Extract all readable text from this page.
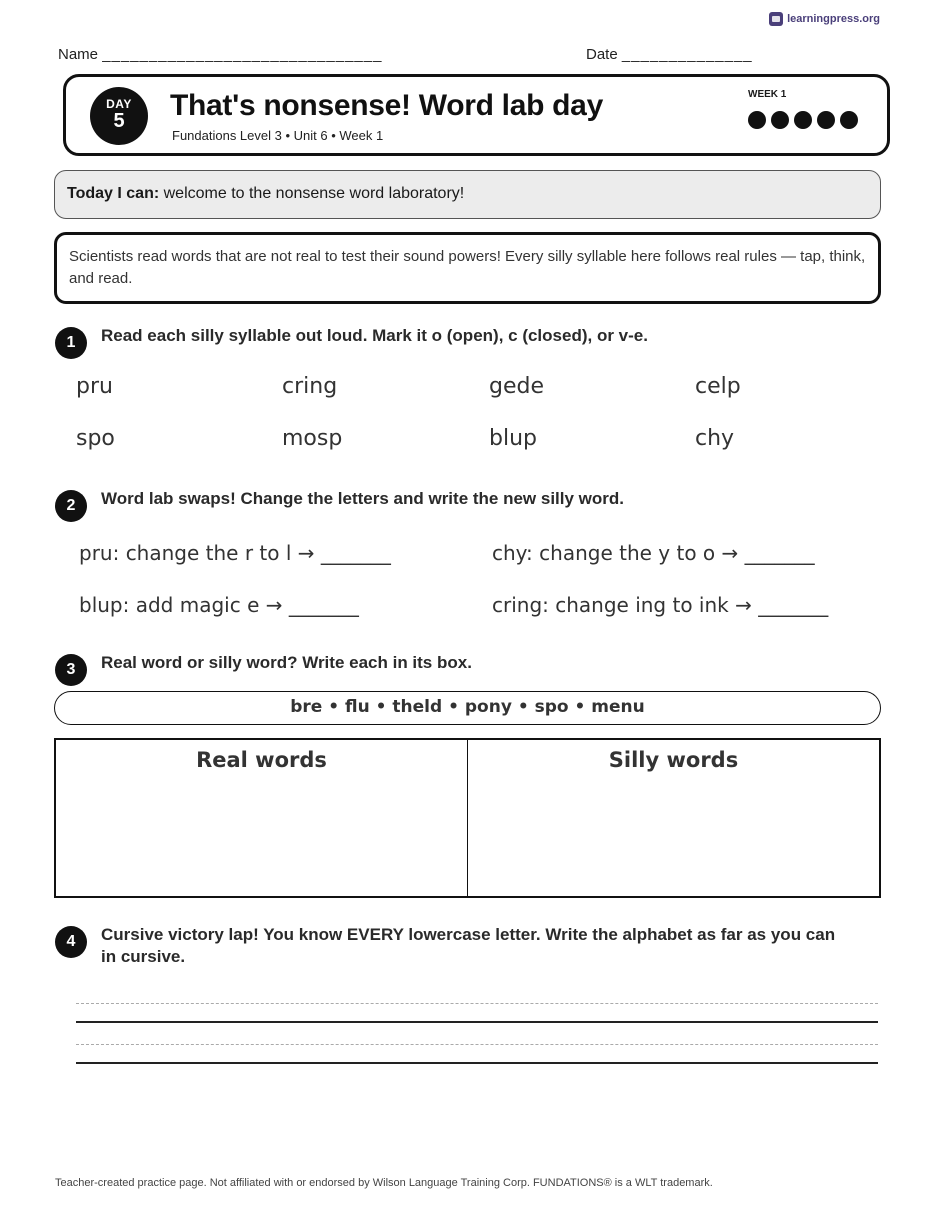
learningpress.org
Name ______________________________	Date ______________
DAY
5	That's nonsense! Word lab day
Fundations Level 3 • Unit 6 • Week 1
WEEK 1
Today I can: welcome to the nonsense word laboratory!
Scientists read words that are not real to test their sound powers! Every silly syllable here follows real rules — tap, think, and read.
1	Read each silly syllable out loud. Mark it o (open), c (closed), or v-e.
pru	cring	gede	celp
spo	mosp	blup	chy
2	Word lab swaps! Change the letters and write the new silly word.
pru: change the r to l → _______	chy: change the y to o → _______
blup: add magic e → _______	cring: change ing to ink → _______
3	Real word or silly word? Write each in its box.
bre • flu • theld • pony • spo • menu
Real words	Silly words
4	Cursive victory lap! You know EVERY lowercase letter. Write the alphabet as far as you can in cursive.
Teacher-created practice page. Not affiliated with or endorsed by Wilson Language Training Corp. FUNDATIONS® is a WLT trademark.
